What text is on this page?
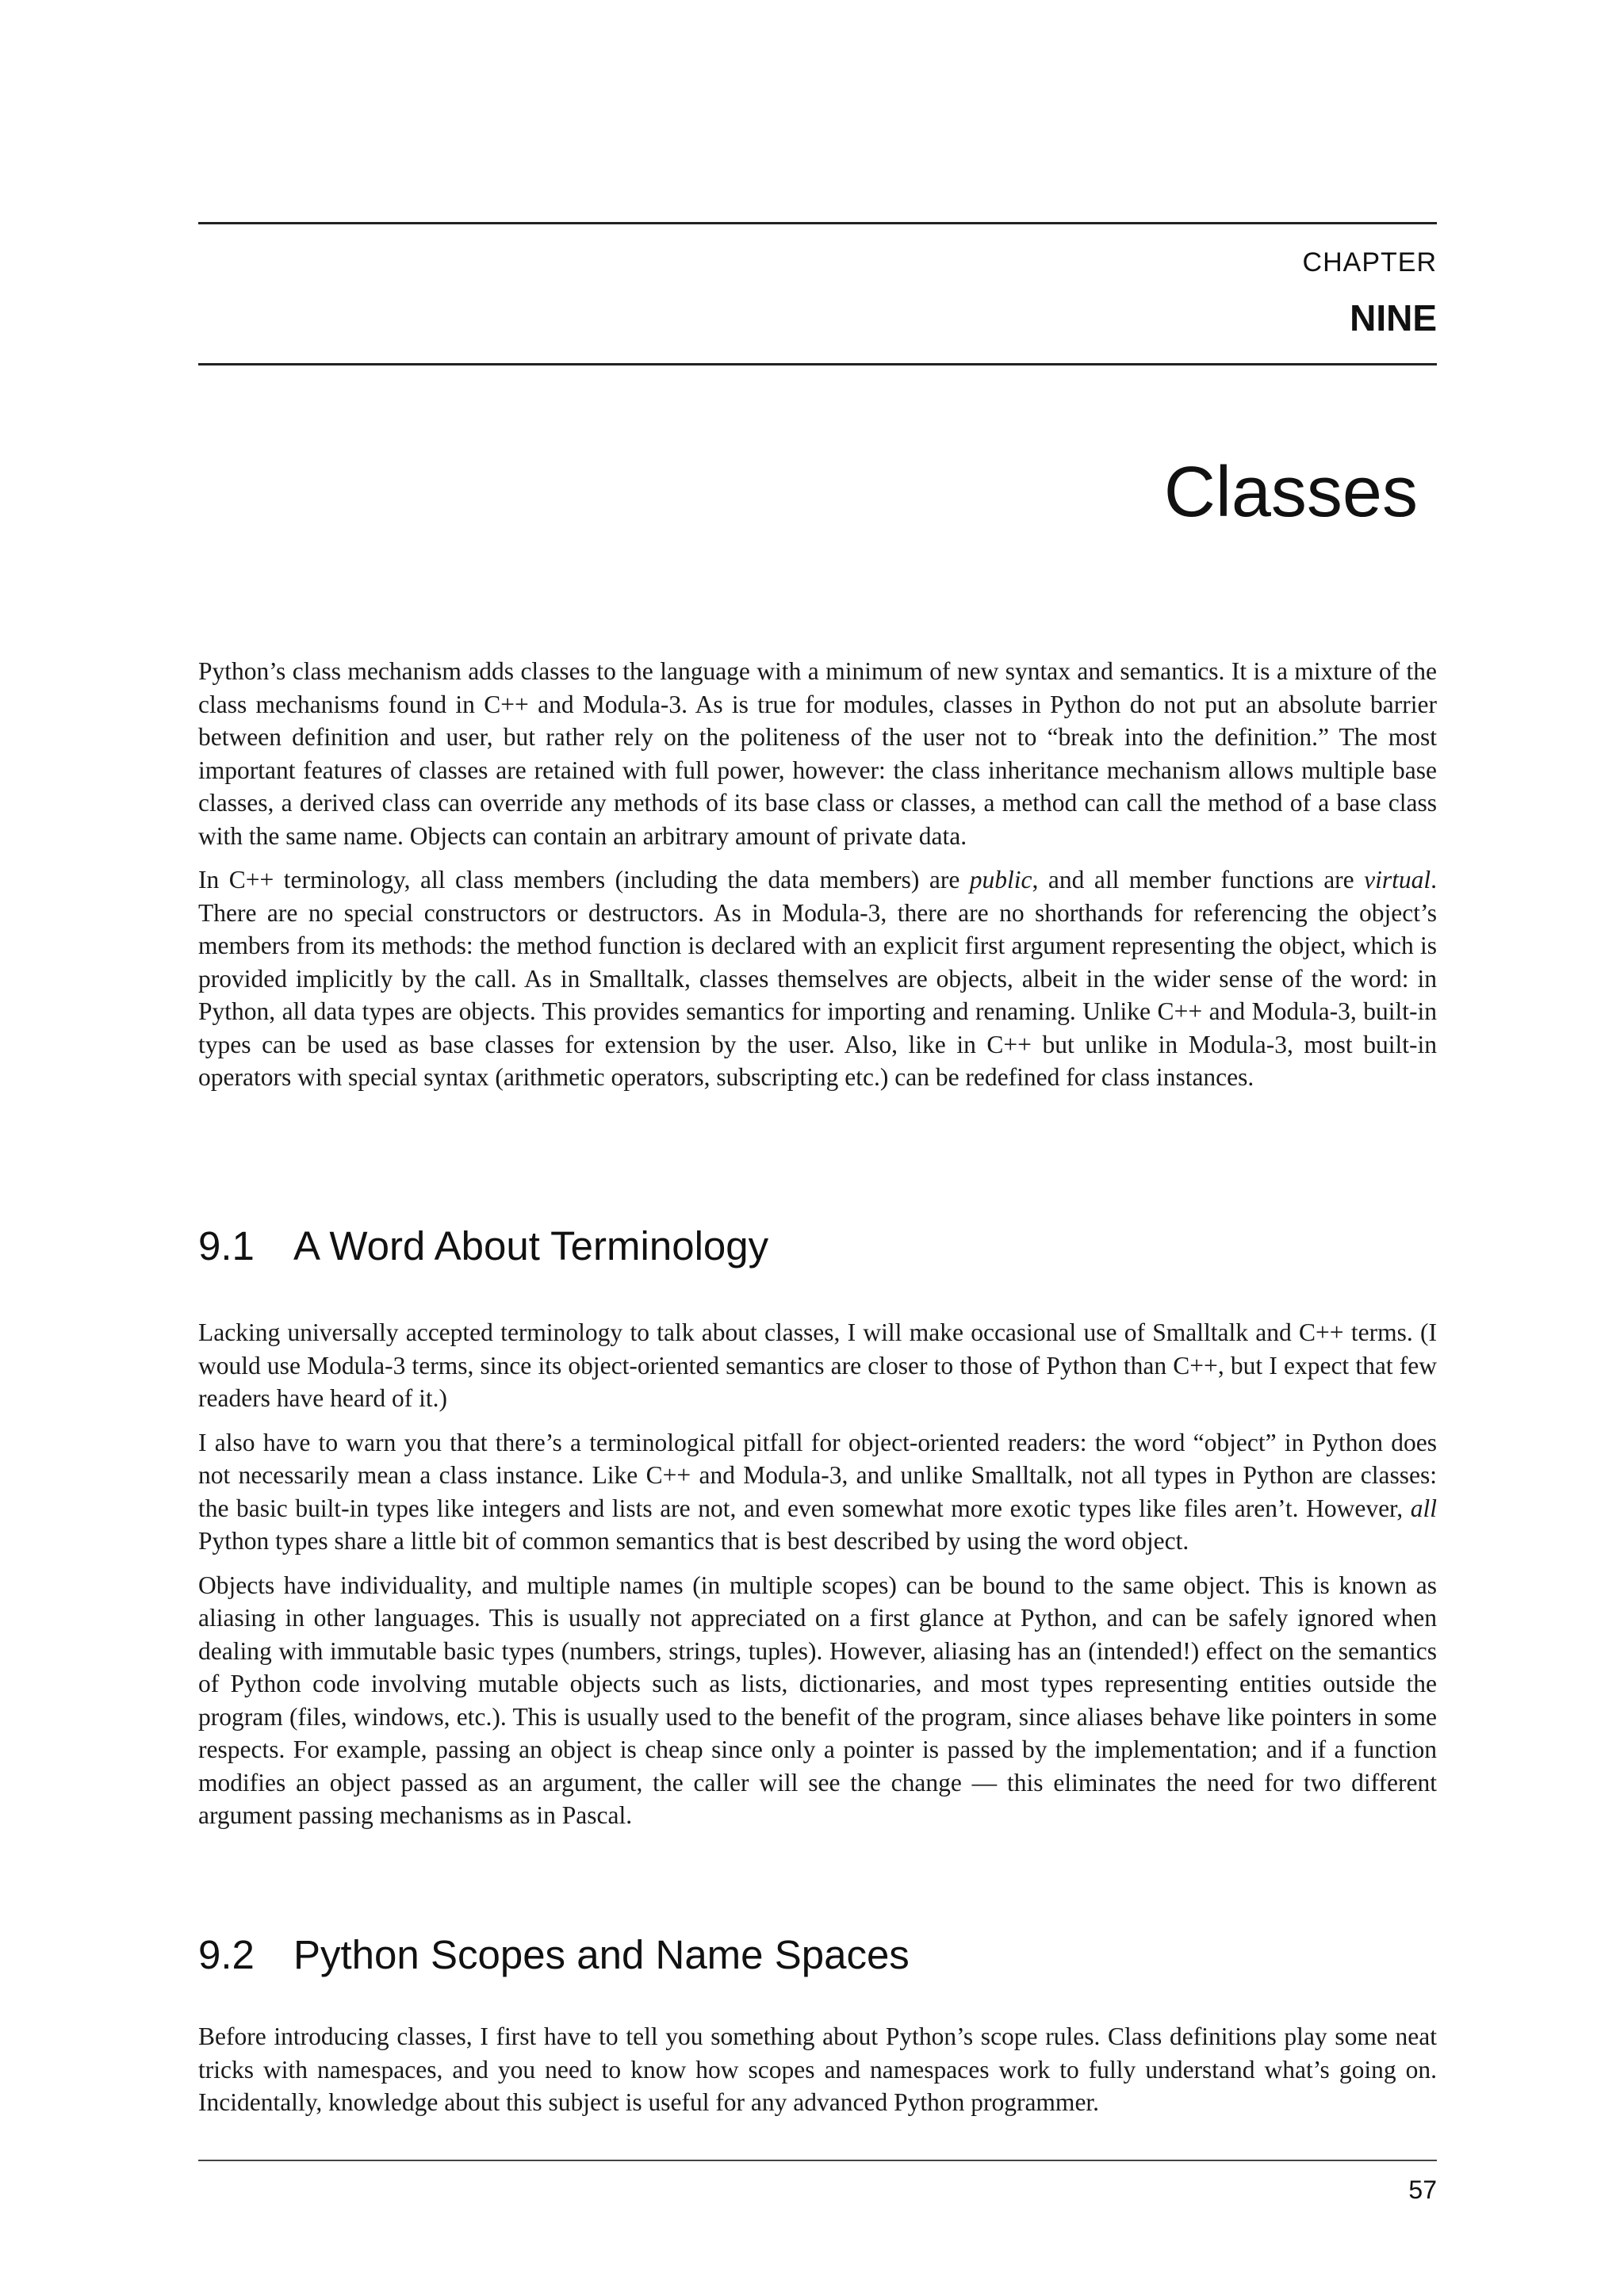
CHAPTER
NINE
Classes

Python’s class mechanism adds classes to the language with a minimum of new syntax and semantics. It is a mixture of the class mechanisms found in C++ and Modula-3. As is true for modules, classes in Python do not put an absolute barrier between definition and user, but rather rely on the politeness of the user not to “break into the definition.” The most important features of classes are retained with full power, however: the class inheritance mechanism allows multiple base classes, a derived class can override any methods of its base class or classes, a method can call the method of a base class with the same name. Objects can contain an arbitrary amount of private data.

In C++ terminology, all class members (including the data members) are public, and all member functions are virtual. There are no special constructors or destructors. As in Modula-3, there are no shorthands for referencing the object’s members from its methods: the method function is declared with an explicit first argument representing the object, which is provided implicitly by the call. As in Smalltalk, classes themselves are objects, albeit in the wider sense of the word: in Python, all data types are objects. This provides semantics for importing and renaming. Unlike C++ and Modula-3, built-in types can be used as base classes for extension by the user. Also, like in C++ but unlike in Modula-3, most built-in operators with special syntax (arithmetic operators, subscripting etc.) can be redefined for class instances.

9.1 A Word About Terminology

Lacking universally accepted terminology to talk about classes, I will make occasional use of Smalltalk and C++ terms. (I would use Modula-3 terms, since its object-oriented semantics are closer to those of Python than C++, but I expect that few readers have heard of it.)

I also have to warn you that there’s a terminological pitfall for object-oriented readers: the word “object” in Python does not necessarily mean a class instance. Like C++ and Modula-3, and unlike Smalltalk, not all types in Python are classes: the basic built-in types like integers and lists are not, and even somewhat more exotic types like files aren’t. However, all Python types share a little bit of common semantics that is best described by using the word object.

Objects have individuality, and multiple names (in multiple scopes) can be bound to the same object. This is known as aliasing in other languages. This is usually not appreciated on a first glance at Python, and can be safely ignored when dealing with immutable basic types (numbers, strings, tuples). However, aliasing has an (intended!) effect on the semantics of Python code involving mutable objects such as lists, dictionaries, and most types representing entities outside the program (files, windows, etc.). This is usually used to the benefit of the program, since aliases behave like pointers in some respects. For example, passing an object is cheap since only a pointer is passed by the implementation; and if a function modifies an object passed as an argument, the caller will see the change — this eliminates the need for two different argument passing mechanisms as in Pascal.

9.2 Python Scopes and Name Spaces

Before introducing classes, I first have to tell you something about Python’s scope rules. Class definitions play some neat tricks with namespaces, and you need to know how scopes and namespaces work to fully understand what’s going on. Incidentally, knowledge about this subject is useful for any advanced Python programmer.

57
